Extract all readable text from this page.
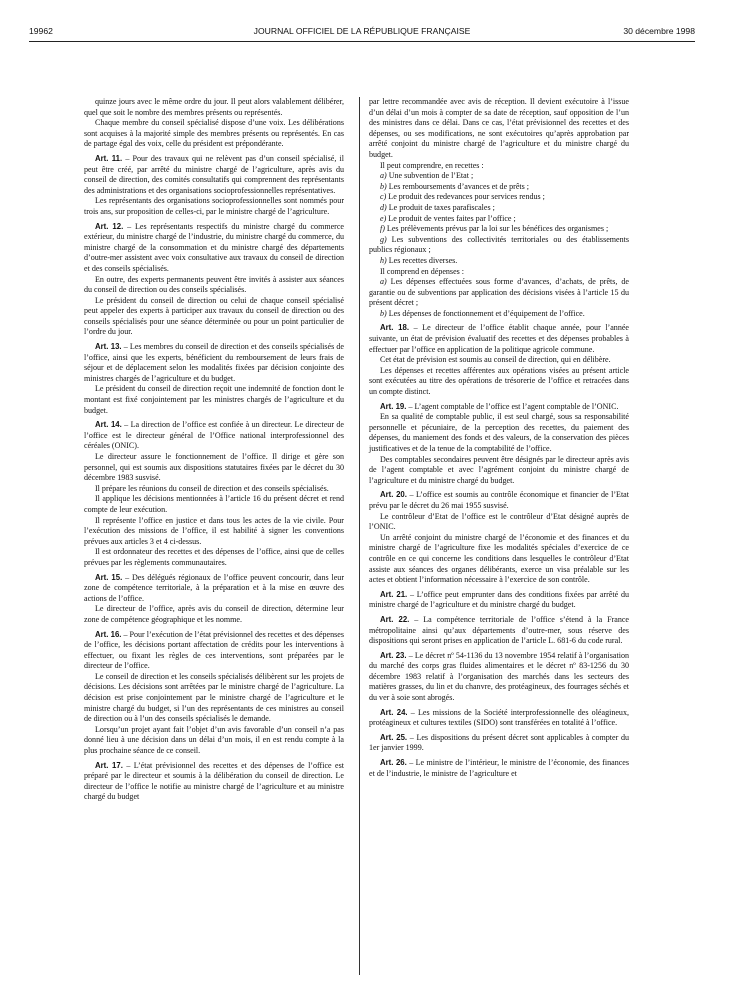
19962	JOURNAL OFFICIEL DE LA RÉPUBLIQUE FRANÇAISE	30 décembre 1998

quinze jours avec le même ordre du jour. Il peut alors valablement délibérer, quel que soit le nombre des membres présents ou représentés.

Chaque membre du conseil spécialisé dispose d’une voix. Les délibérations sont acquises à la majorité simple des membres présents ou représentés. En cas de partage égal des voix, celle du président est prépondérante.

Art. 11. – Pour des travaux qui ne relèvent pas d’un conseil spécialisé, il peut être créé, par arrêté du ministre chargé de l’agriculture, après avis du conseil de direction, des comités consultatifs qui comprennent des représentants des administrations et des organisations socioprofessionnelles représentatives.

Les représentants des organisations socioprofessionnelles sont nommés pour trois ans, sur proposition de celles-ci, par le ministre chargé de l’agriculture.

Art. 12. – Les représentants respectifs du ministre chargé du commerce extérieur, du ministre chargé de l’industrie, du ministre chargé du commerce, du ministre chargé de la consommation et du ministre chargé des départements d’outre-mer assistent avec voix consultative aux travaux du conseil de direction et des conseils spécialisés.

En outre, des experts permanents peuvent être invités à assister aux séances du conseil de direction ou des conseils spécialisés.

Le président du conseil de direction ou celui de chaque conseil spécialisé peut appeler des experts à participer aux travaux du conseil de direction ou des conseils spécialisés pour une séance déterminée ou pour un point particulier de l’ordre du jour.

Art. 13. – Les membres du conseil de direction et des conseils spécialisés de l’office, ainsi que les experts, bénéficient du remboursement de leurs frais de séjour et de déplacement selon les modalités fixées par décision conjointe des ministres chargés de l’agriculture et du budget.

Le président du conseil de direction reçoit une indemnité de fonction dont le montant est fixé conjointement par les ministres chargés de l’agriculture et du budget.

Art. 14. – La direction de l’office est confiée à un directeur. Le directeur de l’office est le directeur général de l’Office national interprofessionnel des céréales (ONIC).

Le directeur assure le fonctionnement de l’office. Il dirige et gère son personnel, qui est soumis aux dispositions statutaires fixées par le décret du 30 décembre 1983 susvisé.

Il prépare les réunions du conseil de direction et des conseils spécialisés.

Il applique les décisions mentionnées à l’article 16 du présent décret et rend compte de leur exécution.

Il représente l’office en justice et dans tous les actes de la vie civile. Pour l’exécution des missions de l’office, il est habilité à signer les conventions prévues aux articles 3 et 4 ci-dessus.

Il est ordonnateur des recettes et des dépenses de l’office, ainsi que de celles prévues par les règlements communautaires.

Art. 15. – Des délégués régionaux de l’office peuvent concourir, dans leur zone de compétence territoriale, à la préparation et à la mise en œuvre des actions de l’office.

Le directeur de l’office, après avis du conseil de direction, détermine leur zone de compétence géographique et les nomme.

Art. 16. – Pour l’exécution de l’état prévisionnel des recettes et des dépenses de l’office, les décisions portant affectation de crédits pour les interventions à effectuer, ou fixant les règles de ces interventions, sont préparées par le directeur de l’office.

Le conseil de direction et les conseils spécialisés délibèrent sur les projets de décisions. Les décisions sont arrêtées par le ministre chargé de l’agriculture. La décision est prise conjointement par le ministre chargé de l’agriculture et le ministre chargé du budget, si l’un des représentants de ces ministres au conseil de direction ou à l’un des conseils spécialisés le demande.

Lorsqu’un projet ayant fait l’objet d’un avis favorable d’un conseil n’a pas donné lieu à une décision dans un délai d’un mois, il en est rendu compte à la plus prochaine séance de ce conseil.

Art. 17. – L’état prévisionnel des recettes et des dépenses de l’office est préparé par le directeur et soumis à la délibération du conseil de direction. Le directeur de l’office le notifie au ministre chargé de l’agriculture et au ministre chargé du budget

par lettre recommandée avec avis de réception. Il devient exécutoire à l’issue d’un délai d’un mois à compter de sa date de réception, sauf opposition de l’un des ministres dans ce délai. Dans ce cas, l’état prévisionnel des recettes et des dépenses, ou ses modifications, ne sont exécutoires qu’après approbation par arrêté conjoint du ministre chargé de l’agriculture et du ministre chargé du budget.

Il peut comprendre, en recettes :

a) Une subvention de l’Etat ;

b) Les remboursements d’avances et de prêts ;

c) Le produit des redevances pour services rendus ;

d) Le produit de taxes parafiscales ;

e) Le produit de ventes faites par l’office ;

f) Les prélèvements prévus par la loi sur les bénéfices des organismes ;

g) Les subventions des collectivités territoriales ou des établissements publics régionaux ;

h) Les recettes diverses.

Il comprend en dépenses :

a) Les dépenses effectuées sous forme d’avances, d’achats, de prêts, de garantie ou de subventions par application des décisions visées à l’article 15 du présent décret ;

b) Les dépenses de fonctionnement et d’équipement de l’office.

Art. 18. – Le directeur de l’office établit chaque année, pour l’année suivante, un état de prévision évaluatif des recettes et des dépenses probables à effectuer par l’office en application de la politique agricole commune.

Cet état de prévision est soumis au conseil de direction, qui en délibère.

Les dépenses et recettes afférentes aux opérations visées au présent article sont exécutées au titre des opérations de trésorerie de l’office et retracées dans un compte distinct.

Art. 19. – L’agent comptable de l’office est l’agent comptable de l’ONIC.

En sa qualité de comptable public, il est seul chargé, sous sa responsabilité personnelle et pécuniaire, de la perception des recettes, du paiement des dépenses, du maniement des fonds et des valeurs, de la conservation des pièces justificatives et de la tenue de la comptabilité de l’office.

Des comptables secondaires peuvent être désignés par le directeur après avis de l’agent comptable et avec l’agrément conjoint du ministre chargé de l’agriculture et du ministre chargé du budget.

Art. 20. – L’office est soumis au contrôle économique et financier de l’Etat prévu par le décret du 26 mai 1955 susvisé.

Le contrôleur d’Etat de l’office est le contrôleur d’Etat désigné auprès de l’ONIC.

Un arrêté conjoint du ministre chargé de l’économie et des finances et du ministre chargé de l’agriculture fixe les modalités spéciales d’exercice de ce contrôle en ce qui concerne les conditions dans lesquelles le contrôleur d’Etat assiste aux séances des organes délibérants, exerce un visa préalable sur les actes et obtient l’information nécessaire à l’exercice de son contrôle.

Art. 21. – L’office peut emprunter dans des conditions fixées par arrêté du ministre chargé de l’agriculture et du ministre chargé du budget.

Art. 22. – La compétence territoriale de l’office s’étend à la France métropolitaine ainsi qu’aux départements d’outre-mer, sous réserve des dispositions qui seront prises en application de l’article L. 681-6 du code rural.

Art. 23. – Le décret nº 54-1136 du 13 novembre 1954 relatif à l’organisation du marché des corps gras fluides alimentaires et le décret nº 83-1256 du 30 décembre 1983 relatif à l’organisation des marchés dans les secteurs des matières grasses, du lin et du chanvre, des protéagineux, des fourrages séchés et du ver à soie sont abrogés.

Art. 24. – Les missions de la Société interprofessionnelle des oléagineux, protéagineux et cultures textiles (SIDO) sont transférées en totalité à l’office.

Art. 25. – Les dispositions du présent décret sont applicables à compter du 1er janvier 1999.

Art. 26. – Le ministre de l’intérieur, le ministre de l’économie, des finances et de l’industrie, le ministre de l’agriculture et
